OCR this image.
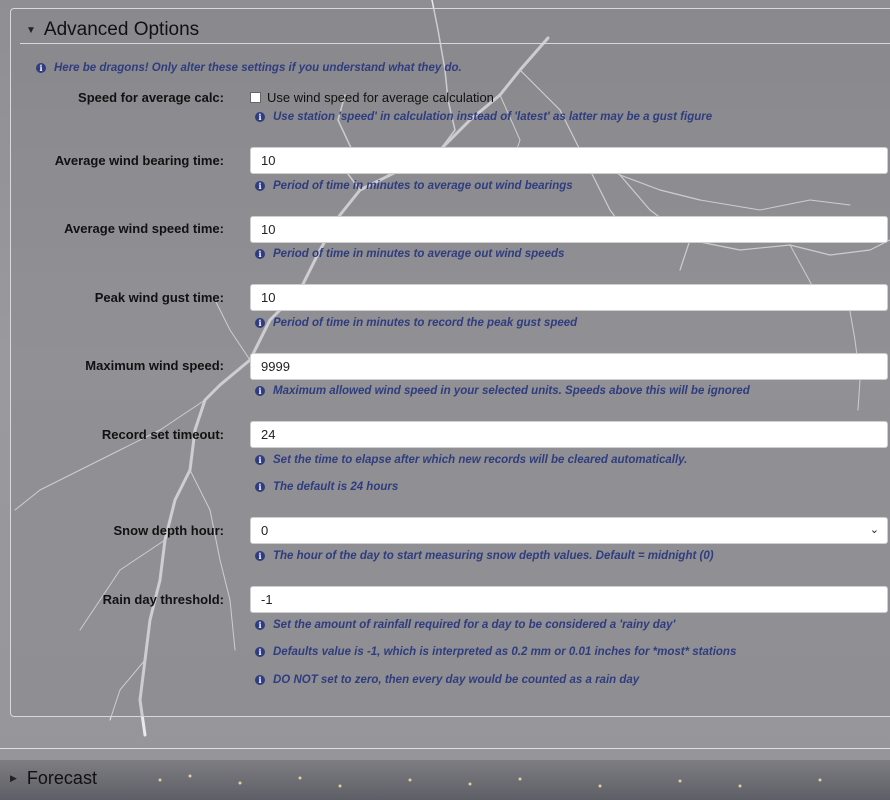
▼ Advanced Options
i Here be dragons! Only alter these settings if you understand what they do.
Speed for average calc:	Use wind speed for average calculation
i Use station 'speed' in calculation instead of 'latest' as latter may be a gust figure
Average wind bearing time:	10
i Period of time in minutes to average out wind bearings
Average wind speed time:	10
i Period of time in minutes to average out wind speeds
Peak wind gust time:	10
i Period of time in minutes to record the peak gust speed
Maximum wind speed:	9999
i Maximum allowed wind speed in your selected units. Speeds above this will be ignored
Record set timeout:	24
i Set the time to elapse after which new records will be cleared automatically.
i The default is 24 hours
Snow depth hour:	0	⌄
i The hour of the day to start measuring snow depth values. Default = midnight (0)
Rain day threshold:	-1
i Set the amount of rainfall required for a day to be considered a 'rainy day'
i Defaults value is -1, which is interpreted as 0.2 mm or 0.01 inches for *most* stations
i DO NOT set to zero, then every day would be counted as a rain day
▶ Forecast
